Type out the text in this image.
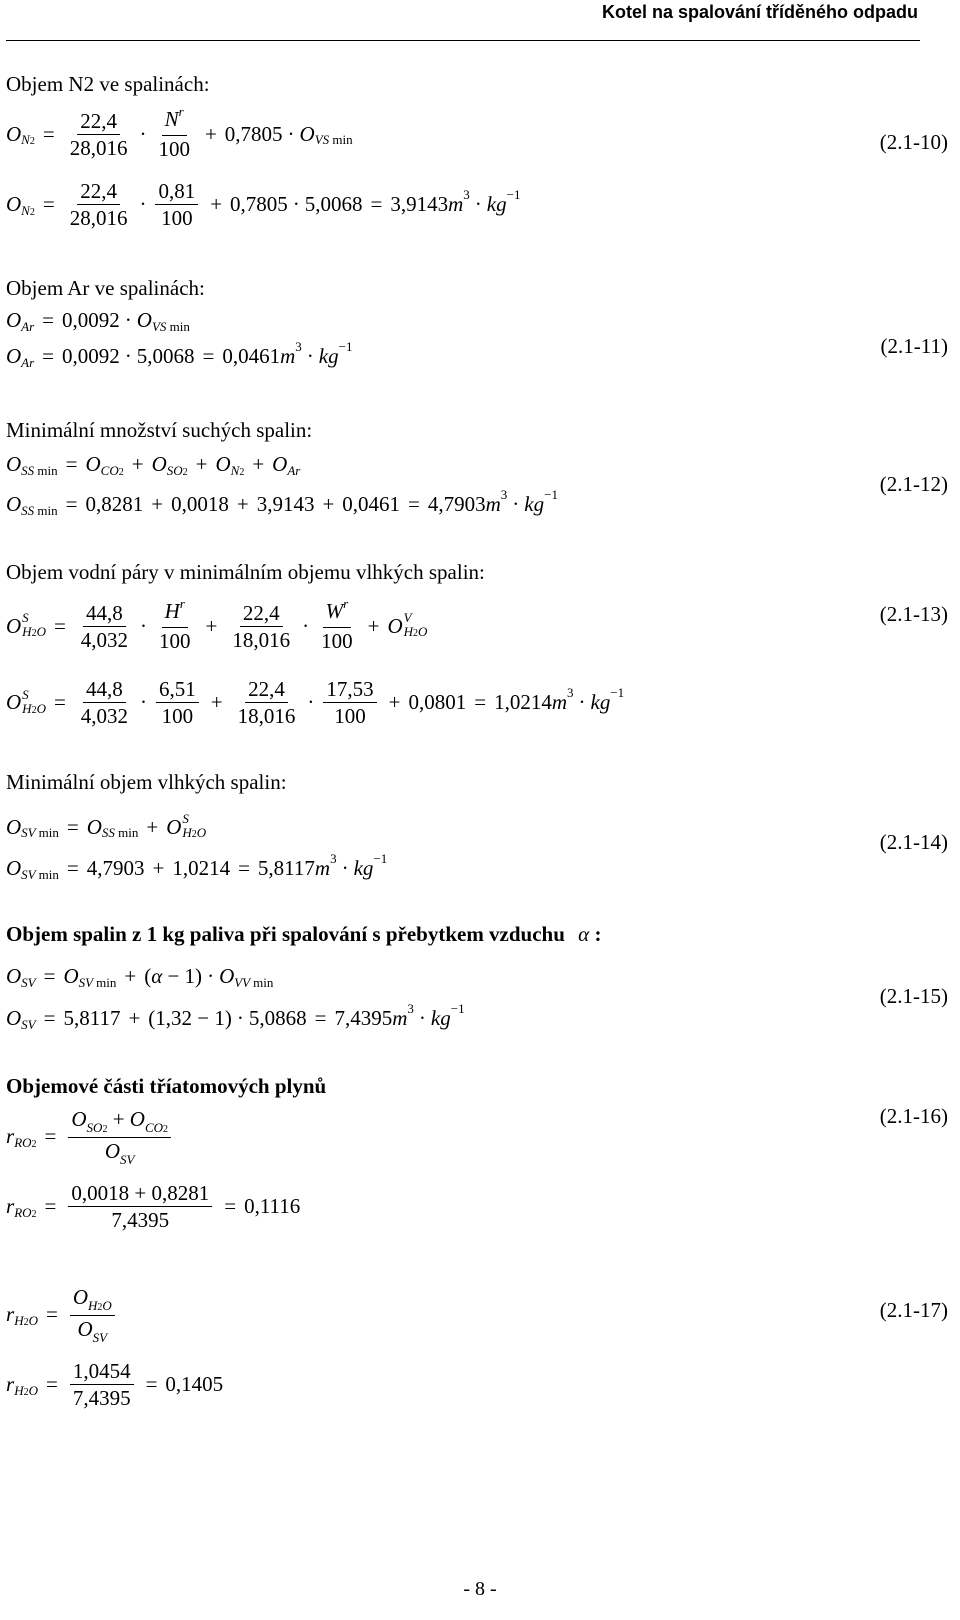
Kotel na spalování tříděného odpadu
Objem N2 ve spalinách:
O $N2 = \frac{22,4}{28,016}$ ·
$N^r$
100
+ 0,7805 · O VS min	(2.1-10)
O $N2 = \frac{22,4}{28,016}$ ·
0,81
100
+ 0,7805 · 5,0068 = 3,9143 m 3 · kg −1
Objem Ar ve spalinách:
O Ar = 0,0092 · O VS min
O Ar = 0,0092 · 5,0068 = 0,0461 m 3 · kg −1	(2.1-11)
Minimální množství suchých spalin:
O SS min = O CO2 + O SO2 + O N2 + O Ar
O SS min = 0,8281 + 0,0018 + 3,9143 + 0,0461 = 4,7903 m 3 · kg −1	(2.1-12)
Objem vodní páry v minimálním objemu vlhkých spalin:
O S
$H2O = \frac{44,8}{4,032}$ ·
$H^r$
100
+ $\frac{22,4}{18,016}$ ·
$W^r$
100
+ O V
H2O
(2.1-13)
O S
$H2O = \frac{44,8}{4,032}$ ·
6,51
100
+ $\frac{22,4}{18,016}$ ·
17,53
100
+ 0,0801 = 1,0214 m 3 · kg −1
Minimální objem vlhkých spalin:
O SV min = O SS min + O S
H2O
O SV min = 4,7903 + 1,0214 = 5,8117 m 3 · kg −1
(2.1-14)
Objem spalin z 1 kg paliva při spalování s přebytkem vzduchu α :
O SV = O SV min + (α − 1) · O VV min
O SV = 5,8117 + (1,32 − 1) · 5,0868 = 7,4395 m 3 · kg −1	(2.1-15)
Objemové části tříatomových plynů
r RO2 =
$O_{SO2} + O_{CO2}$
$O_{SV}$
(2.1-16)
r $RO2 = \frac{0,0018 + 0,8281}{7,4395} = 0,1116$
r H2O =
$O_{H2O}$
$O_{SV}$
(2.1-17)
r $H2O = \frac{1,0454}{7,4395} = 0,1405$
- 8 -
